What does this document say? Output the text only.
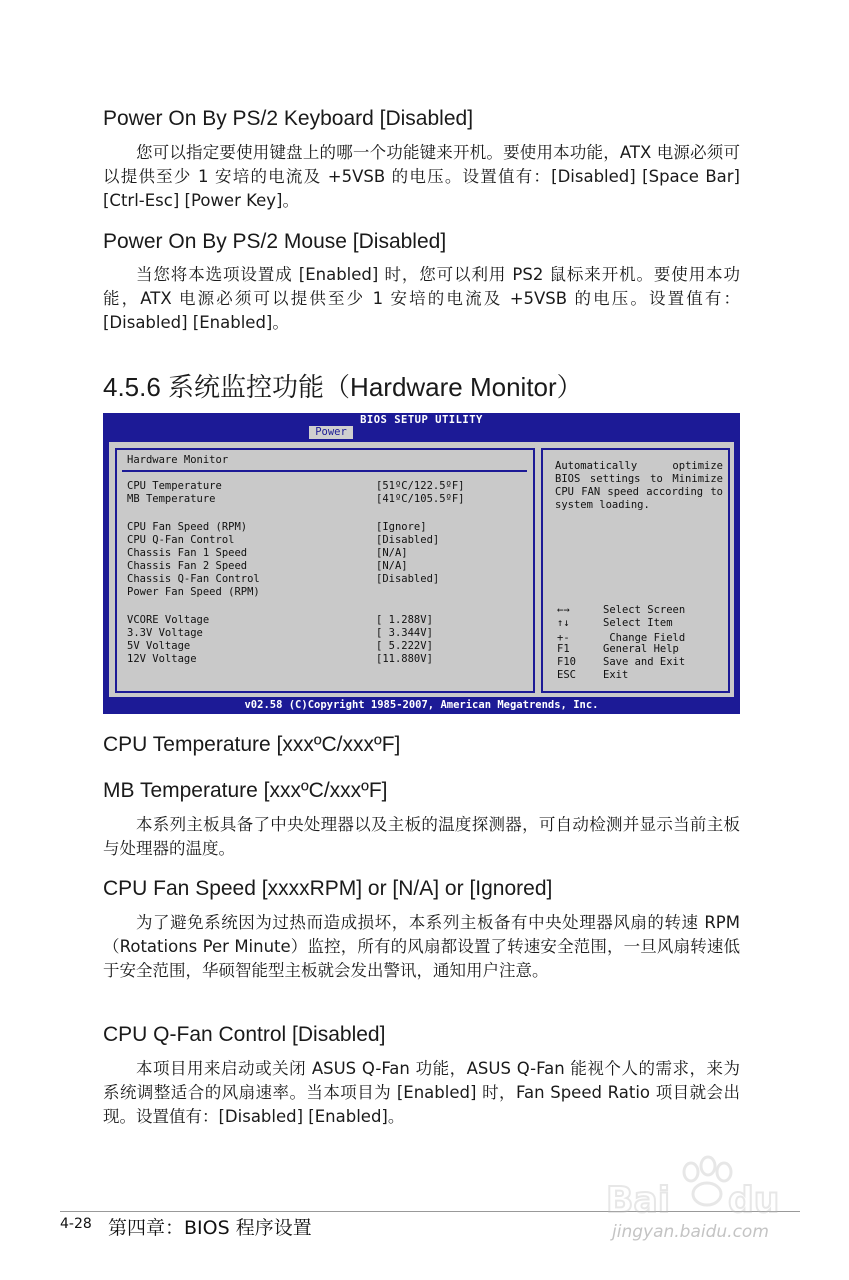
Power On By PS/2 Keyboard [Disabled]
您可以指定要使用键盘上的哪一个功能键来开机。要使用本功能，ATX 电源必须可以提供至少 1 安培的电流及 +5VSB 的电压。设置值有：[Disabled] [Space Bar] [Ctrl-Esc] [Power Key]。
Power On By PS/2 Mouse [Disabled]
当您将本选项设置成 [Enabled] 时，您可以利用 PS2 鼠标来开机。要使用本功能，ATX 电源必须可以提供至少 1 安培的电流及 +5VSB 的电压。设置值有：[Disabled] [Enabled]。
4.5.6 系统监控功能（Hardware Monitor）
BIOS SETUP UTILITY
Power
Hardware Monitor
CPU Temperature	[51ºC/122.5ºF]
MB Temperature	[41ºC/105.5ºF]
CPU Fan Speed (RPM)	[Ignore]
CPU Q-Fan Control	[Disabled]
Chassis Fan 1 Speed	[N/A]
Chassis Fan 2 Speed	[N/A]
Chassis Q-Fan Control	[Disabled]
Power Fan Speed (RPM)
VCORE Voltage	[ 1.288V]
3.3V Voltage	[ 3.344V]
5V Voltage	[ 5.222V]
12V Voltage	[11.880V]
Automatically optimize BIOS settings to Minimize CPU FAN speed according to system loading.
←→	Select Screen
↑↓	Select Item
+-	Change Field
F1	General Help
F10	Save and Exit
ESC	Exit
v02.58 (C)Copyright 1985-2007, American Megatrends, Inc.
CPU Temperature [xxxºC/xxxºF]
MB Temperature [xxxºC/xxxºF]
本系列主板具备了中央处理器以及主板的温度探测器，可自动检测并显示当前主板与处理器的温度。
CPU Fan Speed [xxxxRPM] or [N/A] or [Ignored]
为了避免系统因为过热而造成损坏，本系列主板备有中央处理器风扇的转速 RPM（Rotations Per Minute）监控，所有的风扇都设置了转速安全范围，一旦风扇转速低于安全范围，华硕智能型主板就会发出警讯，通知用户注意。
CPU Q-Fan Control [Disabled]
本项目用来启动或关闭 ASUS Q-Fan 功能，ASUS Q-Fan 能视个人的需求，来为系统调整适合的风扇速率。当本项目为 [Enabled] 时，Fan Speed Ratio 项目就会出现。设置值有：[Disabled] [Enabled]。
4-28 第四章：BIOS 程序设置
Bai du
jingyan.baidu.com
